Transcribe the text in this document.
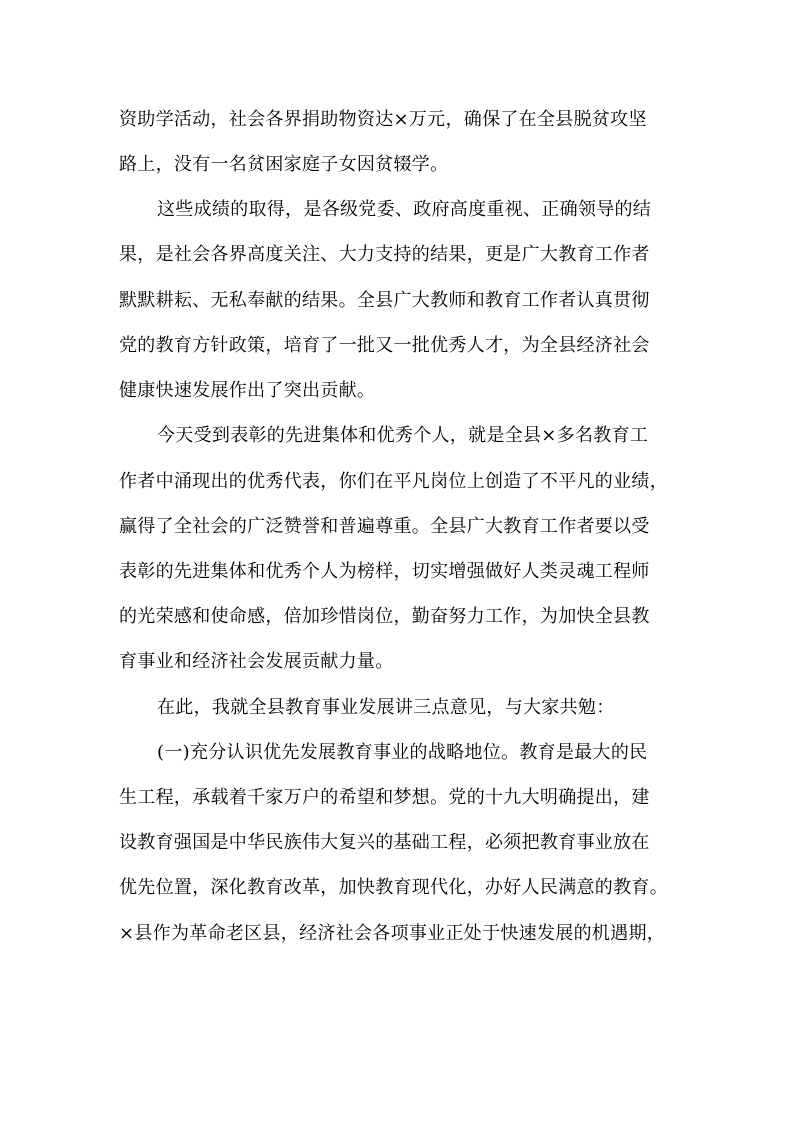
资助学活动，社会各界捐助物资达×万元，确保了在全县脱贫攻坚
路上，没有一名贫困家庭子女因贫辍学。
这些成绩的取得，是各级党委、政府高度重视、正确领导的结
果，是社会各界高度关注、大力支持的结果，更是广大教育工作者
默默耕耘、无私奉献的结果。全县广大教师和教育工作者认真贯彻
党的教育方针政策，培育了一批又一批优秀人才，为全县经济社会
健康快速发展作出了突出贡献。
今天受到表彰的先进集体和优秀个人，就是全县×多名教育工
作者中涌现出的优秀代表，你们在平凡岗位上创造了不平凡的业绩，
赢得了全社会的广泛赞誉和普遍尊重。全县广大教育工作者要以受
表彰的先进集体和优秀个人为榜样，切实增强做好人类灵魂工程师
的光荣感和使命感，倍加珍惜岗位，勤奋努力工作，为加快全县教
育事业和经济社会发展贡献力量。
在此，我就全县教育事业发展讲三点意见，与大家共勉：
(一)充分认识优先发展教育事业的战略地位。教育是最大的民
生工程，承载着千家万户的希望和梦想。党的十九大明确提出，建
设教育强国是中华民族伟大复兴的基础工程，必须把教育事业放在
优先位置，深化教育改革，加快教育现代化，办好人民满意的教育。
×县作为革命老区县，经济社会各项事业正处于快速发展的机遇期，
